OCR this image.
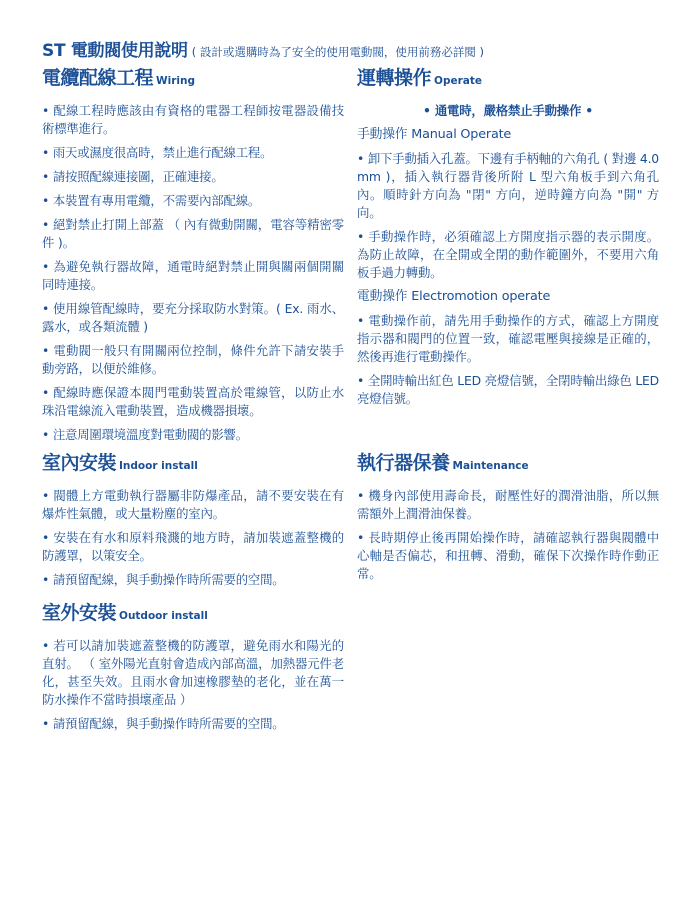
ST 電動閥使用說明 ( 設計或選購時為了安全的使用電動閥，使用前務必詳閱 )
電纜配線工程 Wiring

• 配線工程時應該由有資格的電器工程師按電器設備技術標準進行。

• 雨天或濕度很高時，禁止進行配線工程。

• 請按照配線連接圖，正確連接。

• 本裝置有專用電纜，不需要內部配線。

• 絕對禁止打開上部蓋 （ 內有微動開關，電容等精密零件 )。

• 為避免執行器故障，通電時絕對禁止開與關兩個開關同時連接。

• 使用線管配線時，要充分採取防水對策。( Ex. 雨水、露水，或各類流體 )

• 電動閥一般只有開關兩位控制，條件允許下請安裝手動旁路，以便於維修。

• 配線時應保證本閥門電動裝置高於電線管，以防止水珠沿電線流入電動裝置，造成機器損壞。

• 注意周圍環境溫度對電動閥的影響。

室內安裝 Indoor install

• 閥體上方電動執行器屬非防爆產品，請不要安裝在有爆炸性氣體，或大量粉塵的室內。

• 安裝在有水和原料飛濺的地方時，請加裝遮蓋整機的防護罩，以策安全。

• 請預留配線，與手動操作時所需要的空間。

室外安裝 Outdoor install

• 若可以請加裝遮蓋整機的防護罩，避免雨水和陽光的直射。 （ 室外陽光直射會造成內部高溫，加熱器元件老化，甚至失效。且雨水會加速橡膠墊的老化，並在萬一防水操作不當時損壞產品 ）

• 請預留配線，與手動操作時所需要的空間。

運轉操作 Operate

• 通電時，嚴格禁止手動操作 •

手動操作 Manual Operate

• 卸下手動插入孔蓋。下邊有手柄軸的六角孔 ( 對邊 4.0 mm )，插入執行器背後所附 L 型六角板手到六角孔內。順時針方向為 "閉" 方向，逆時鐘方向為 "開" 方向。

• 手動操作時，必須確認上方開度指示器的表示開度。為防止故障，在全開或全閉的動作範圍外，不要用六角板手過力轉動。

電動操作 Electromotion operate

• 電動操作前，請先用手動操作的方式，確認上方開度指示器和閥門的位置一致，確認電壓與接線是正確的，然後再進行電動操作。

• 全開時輸出紅色 LED 亮燈信號，全閉時輸出綠色 LED 亮燈信號。

執行器保養 Maintenance

• 機身內部使用壽命長，耐壓性好的潤滑油脂，所以無需額外上潤滑油保養。

• 長時期停止後再開始操作時，請確認執行器與閥體中心軸是否偏芯，和扭轉、滑動，確保下次操作時作動正常。
